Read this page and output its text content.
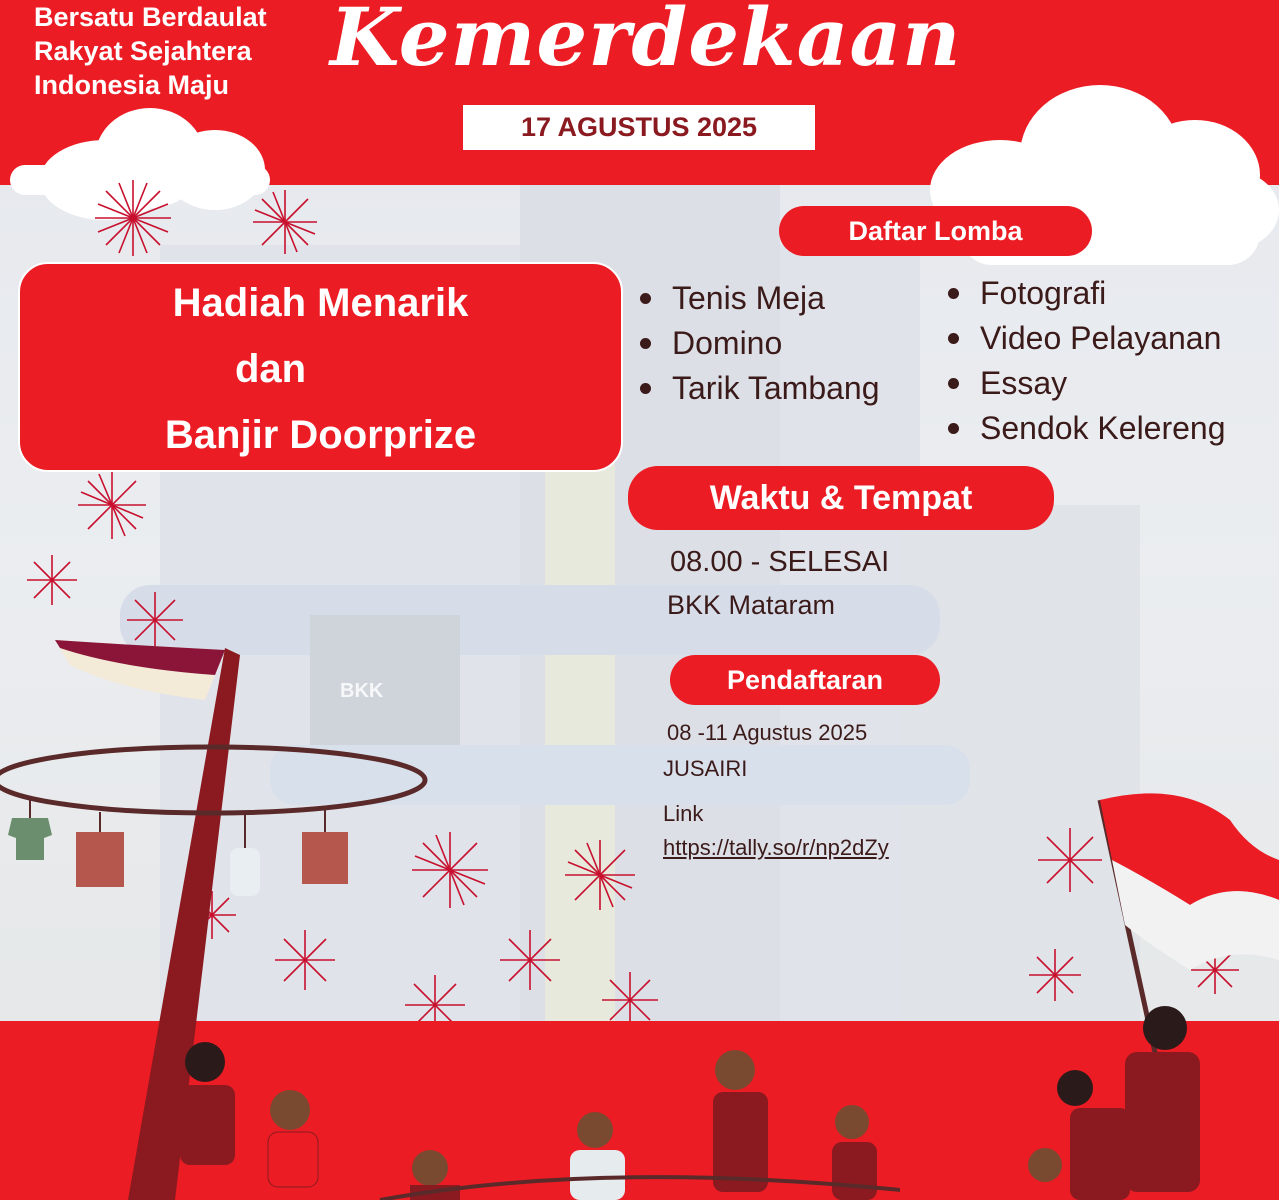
Bersatu Berdaulat
Rakyat Sejahtera
Indonesia Maju
Kemerdekaan
17 AGUSTUS 2025
Hadiah Menarik
dan
Banjir Doorprize
Daftar Lomba
Tenis Meja
Domino
Tarik Tambang
Fotografi
Video Pelayanan
Essay
Sendok Kelereng
Waktu & Tempat
08.00 - SELESAI
BKK Mataram
Pendaftaran
08 -11 Agustus 2025
JUSAIRI
Link
https://tally.so/r/np2dZy
